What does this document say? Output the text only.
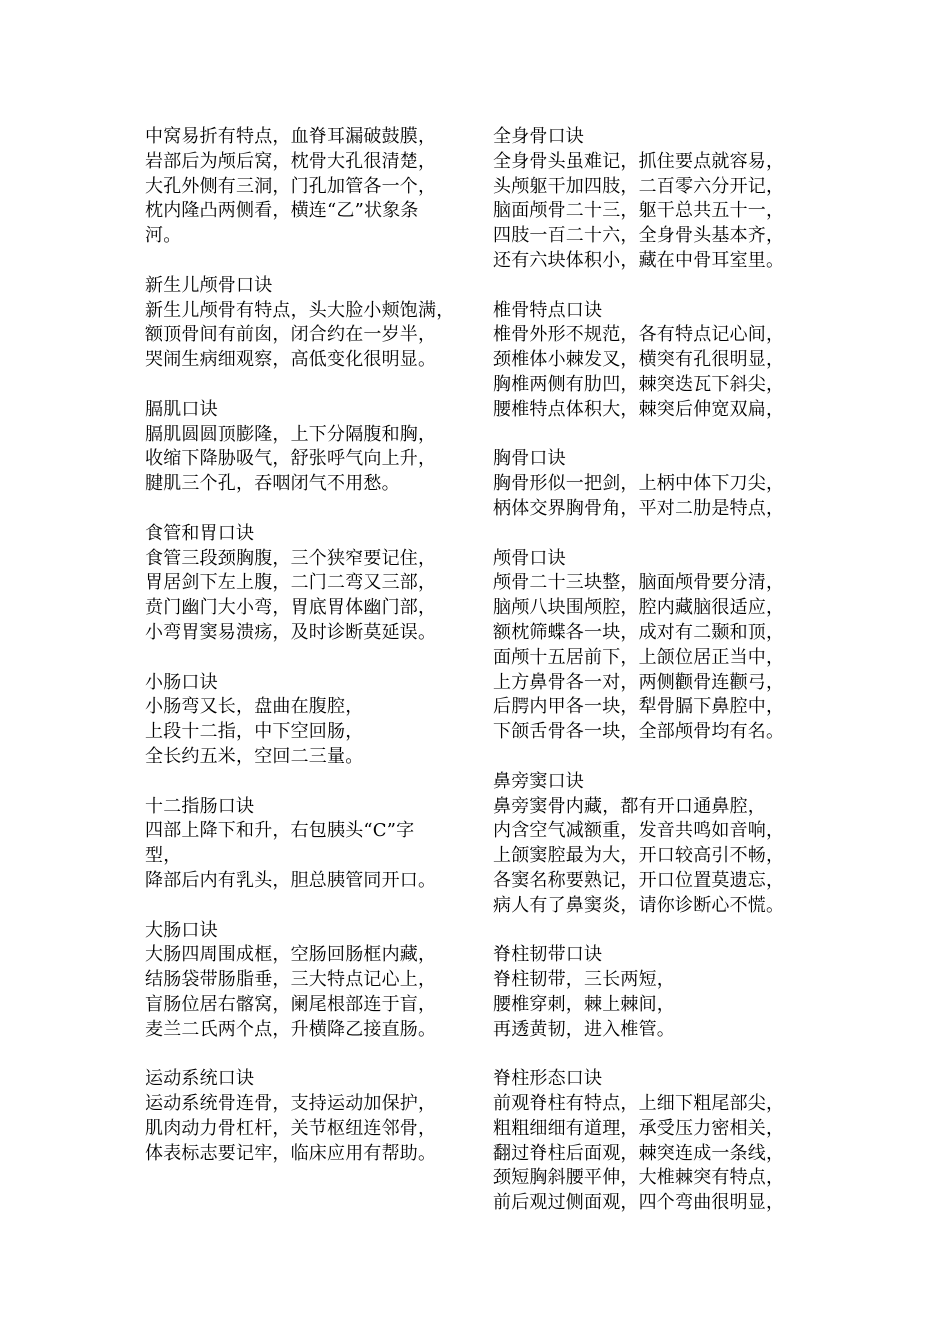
中窝易折有特点，血脊耳漏破鼓膜，
岩部后为颅后窝，枕骨大孔很清楚，
大孔外侧有三洞，门孔加管各一个，
枕内隆凸两侧看，横连“乙”状象条
河。
新生儿颅骨口诀
新生儿颅骨有特点，头大脸小颊饱满，
额顶骨间有前囱，闭合约在一岁半，
哭闹生病细观察，高低变化很明显。
膈肌口诀
膈肌圆圆顶膨隆，上下分隔腹和胸，
收缩下降胁吸气，舒张呼气向上升，
腱肌三个孔，吞咽闭气不用愁。
食管和胃口诀
食管三段颈胸腹，三个狭窄要记住，
胃居剑下左上腹，二门二弯又三部，
贲门幽门大小弯，胃底胃体幽门部，
小弯胃窦易溃疡，及时诊断莫延误。
小肠口诀
小肠弯又长，盘曲在腹腔，
上段十二指，中下空回肠，
全长约五米，空回二三量。
十二指肠口诀
四部上降下和升，右包胰头“C”字
型，
降部后内有乳头，胆总胰管同开口。
大肠口诀
大肠四周围成框，空肠回肠框内藏，
结肠袋带肠脂垂，三大特点记心上，
盲肠位居右髂窝，阑尾根部连于盲，
麦兰二氏两个点，升横降乙接直肠。
运动系统口诀
运动系统骨连骨，支持运动加保护，
肌肉动力骨杠杆，关节枢纽连邻骨，
体表标志要记牢，临床应用有帮助。
全身骨口诀
全身骨头虽难记，抓住要点就容易，
头颅躯干加四肢，二百零六分开记，
脑面颅骨二十三，躯干总共五十一，
四肢一百二十六，全身骨头基本齐，
还有六块体积小，藏在中骨耳室里。
椎骨特点口诀
椎骨外形不规范，各有特点记心间，
颈椎体小棘发叉，横突有孔很明显，
胸椎两侧有肋凹，棘突迭瓦下斜尖，
腰椎特点体积大，棘突后伸宽双扁，
胸骨口诀
胸骨形似一把剑，上柄中体下刀尖，
柄体交界胸骨角，平对二肋是特点，
颅骨口诀
颅骨二十三块整，脑面颅骨要分清，
脑颅八块围颅腔，腔内藏脑很适应，
额枕筛蝶各一块，成对有二颞和顶，
面颅十五居前下，上颌位居正当中，
上方鼻骨各一对，两侧颧骨连颧弓，
后腭内甲各一块，犁骨膈下鼻腔中，
下颌舌骨各一块，全部颅骨均有名。
鼻旁窦口诀
鼻旁窦骨内藏，都有开口通鼻腔，
内含空气减额重，发音共鸣如音响，
上颌窦腔最为大，开口较高引不畅，
各窦名称要熟记，开口位置莫遗忘，
病人有了鼻窦炎，请你诊断心不慌。
脊柱韧带口诀
脊柱韧带，三长两短，
腰椎穿刺，棘上棘间，
再透黄韧，进入椎管。
脊柱形态口诀
前观脊柱有特点，上细下粗尾部尖，
粗粗细细有道理，承受压力密相关，
翻过脊柱后面观，棘突连成一条线，
颈短胸斜腰平伸，大椎棘突有特点，
前后观过侧面观，四个弯曲很明显，
